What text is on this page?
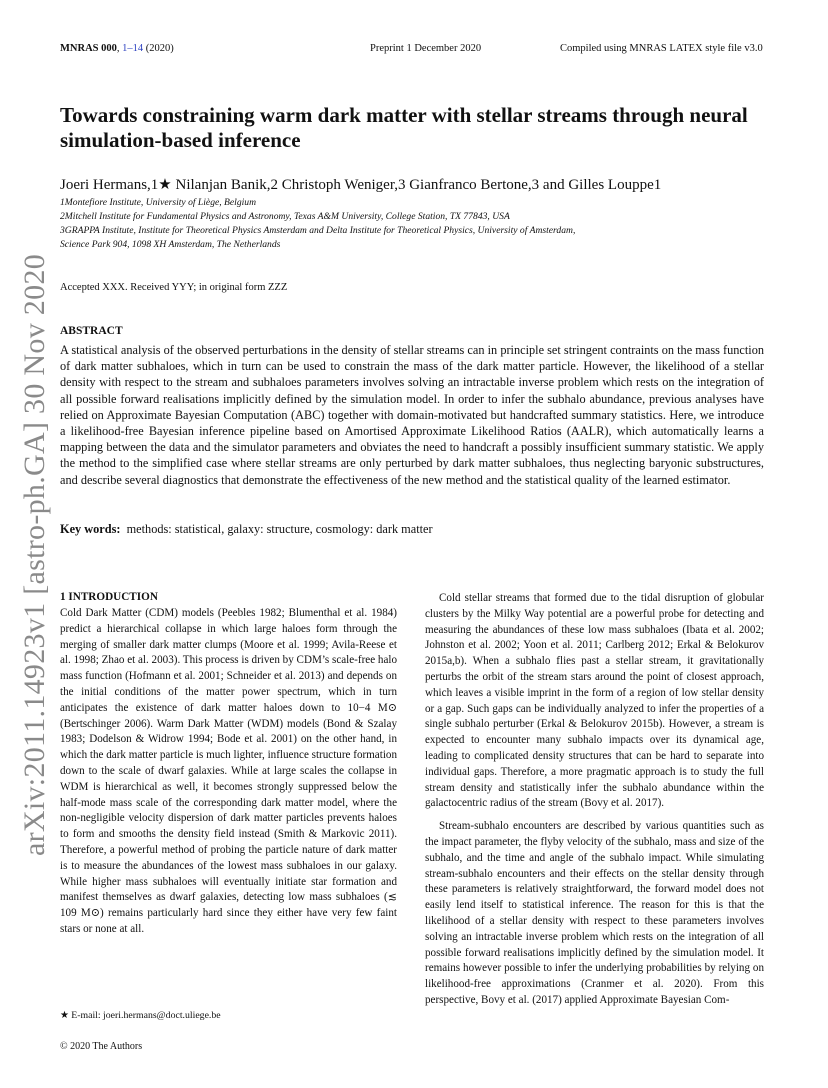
MNRAS 000, 1–14 (2020)	Preprint 1 December 2020	Compiled using MNRAS LATEX style file v3.0
arXiv:2011.14923v1 [astro-ph.GA] 30 Nov 2020
Towards constraining warm dark matter with stellar streams through neural simulation-based inference
Joeri Hermans,1★ Nilanjan Banik,2 Christoph Weniger,3 Gianfranco Bertone,3 and Gilles Louppe1
1Montefiore Institute, University of Liège, Belgium
2Mitchell Institute for Fundamental Physics and Astronomy, Texas A&M University, College Station, TX 77843, USA
3GRAPPA Institute, Institute for Theoretical Physics Amsterdam and Delta Institute for Theoretical Physics, University of Amsterdam,
Science Park 904, 1098 XH Amsterdam, The Netherlands
Accepted XXX. Received YYY; in original form ZZZ
ABSTRACT
A statistical analysis of the observed perturbations in the density of stellar streams can in principle set stringent contraints on the mass function of dark matter subhaloes, which in turn can be used to constrain the mass of the dark matter particle. However, the likelihood of a stellar density with respect to the stream and subhaloes parameters involves solving an intractable inverse problem which rests on the integration of all possible forward realisations implicitly defined by the simulation model. In order to infer the subhalo abundance, previous analyses have relied on Approximate Bayesian Computation (ABC) together with domain-motivated but handcrafted summary statistics. Here, we introduce a likelihood-free Bayesian inference pipeline based on Amortised Approximate Likelihood Ratios (AALR), which automatically learns a mapping between the data and the simulator parameters and obviates the need to handcraft a possibly insufficient summary statistic. We apply the method to the simplified case where stellar streams are only perturbed by dark matter subhaloes, thus neglecting baryonic substructures, and describe several diagnostics that demonstrate the effectiveness of the new method and the statistical quality of the learned estimator.
Key words: methods: statistical, galaxy: structure, cosmology: dark matter
1 INTRODUCTION

Cold Dark Matter (CDM) models (Peebles 1982; Blumenthal et al. 1984) predict a hierarchical collapse in which large haloes form through the merging of smaller dark matter clumps (Moore et al. 1999; Avila-Reese et al. 1998; Zhao et al. 2003). This process is driven by CDM’s scale-free halo mass function (Hofmann et al. 2001; Schneider et al. 2013) and depends on the initial conditions of the matter power spectrum, which in turn anticipates the existence of dark matter haloes down to 10−4 M⊙ (Bertschinger 2006). Warm Dark Matter (WDM) models (Bond & Szalay 1983; Dodelson & Widrow 1994; Bode et al. 2001) on the other hand, in which the dark matter particle is much lighter, influence structure formation down to the scale of dwarf galaxies. While at large scales the collapse in WDM is hierarchical as well, it becomes strongly suppressed below the half-mode mass scale of the corresponding dark matter model, where the non-negligible velocity dispersion of dark matter particles prevents haloes to form and smooths the density field instead (Smith & Markovic 2011). Therefore, a powerful method of probing the particle nature of dark matter is to measure the abundances of the lowest mass subhaloes in our galaxy. While higher mass subhaloes will eventually initiate star formation and manifest themselves as dwarf galaxies, detecting low mass subhaloes (≲ 109 M⊙) remains particularly hard since they either have very few faint stars or none at all.

Cold stellar streams that formed due to the tidal disruption of globular clusters by the Milky Way potential are a powerful probe for detecting and measuring the abundances of these low mass subhaloes (Ibata et al. 2002; Johnston et al. 2002; Yoon et al. 2011; Carlberg 2012; Erkal & Belokurov 2015a,b). When a subhalo flies past a stellar stream, it gravitationally perturbs the orbit of the stream stars around the point of closest approach, which leaves a visible imprint in the form of a region of low stellar density or a gap. Such gaps can be individually analyzed to infer the properties of a single subhalo perturber (Erkal & Belokurov 2015b). However, a stream is expected to encounter many subhalo impacts over its dynamical age, leading to complicated density structures that can be hard to separate into individual gaps. Therefore, a more pragmatic approach is to study the full stream density and statistically infer the subhalo abundance within the galactocentric radius of the stream (Bovy et al. 2017).

Stream-subhalo encounters are described by various quantities such as the impact parameter, the flyby velocity of the subhalo, mass and size of the subhalo, and the time and angle of the subhalo impact. While simulating stream-subhalo encounters and their effects on the stellar density through these parameters is relatively straightforward, the forward model does not easily lend itself to statistical inference. The reason for this is that the likelihood of a stellar density with respect to these parameters involves solving an intractable inverse problem which rests on the integration of all possible forward realisations implicitly defined by the simulation model. It remains however possible to infer the underlying probabilities by relying on likelihood-free approximations (Cranmer et al. 2020). From this perspective, Bovy et al. (2017) applied Approximate Bayesian Com-

★ E-mail: joeri.hermans@doct.uliege.be
© 2020 The Authors
